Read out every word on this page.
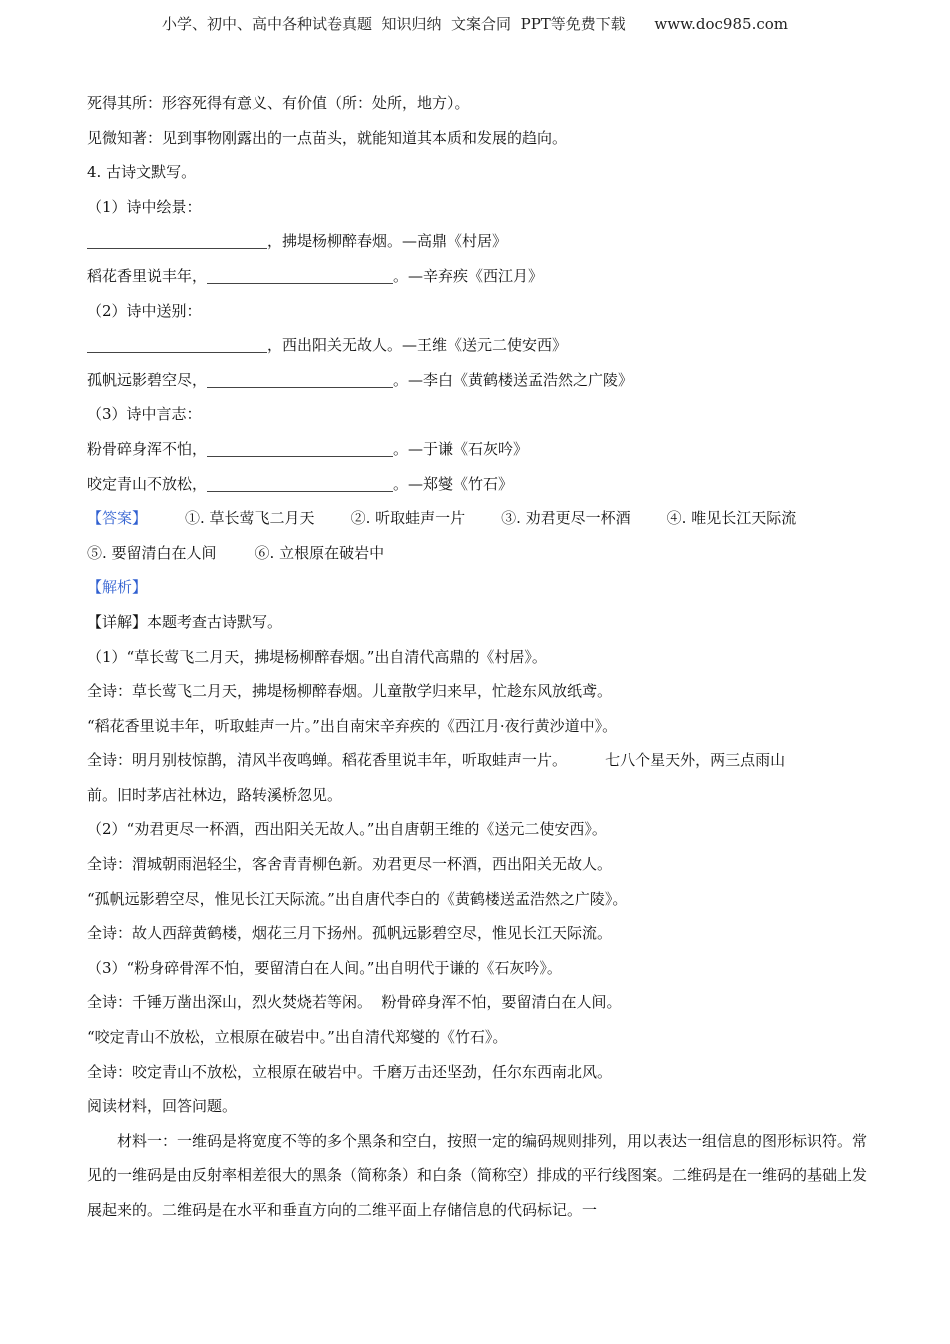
小学、初中、高中各种试卷真题  知识归纳  文案合同  PPT等免费下载      www.doc985.com
死得其所：形容死得有意义、有价值（所：处所，地方）。
见微知著：见到事物刚露出的一点苗头，就能知道其本质和发展的趋向。
4. 古诗文默写。
（1）诗中绘景：
，拂堤杨柳醉春烟。—高鼎《村居》
稻花香里说丰年，	。—辛弃疾《西江月》
（2）诗中送别：
，西出阳关无故人。—王维《送元二使安西》
孤帆远影碧空尽，	。—李白《黄鹤楼送孟浩然之广陵》
（3）诗中言志：
粉骨碎身浑不怕，	。—于谦《石灰吟》
咬定青山不放松，	。—郑燮《竹石》
【答案】	①. 草长莺飞二月天 ②. 听取蛙声一片 ③. 劝君更尽一杯酒 ④. 唯见长江天际流
⑤. 要留清白在人间	⑥. 立根原在破岩中
【解析】
【详解】本题考查古诗默写。
（1）“草长莺飞二月天，拂堤杨柳醉春烟。”出自清代高鼎的《村居》。
全诗：草长莺飞二月天，拂堤杨柳醉春烟。儿童散学归来早，忙趁东风放纸鸢。
“稻花香里说丰年，听取蛙声一片。”出自南宋辛弃疾的《西江月·夜行黄沙道中》。
全诗：明月别枝惊鹊，清风半夜鸣蝉。稻花香里说丰年，听取蛙声一片。        七八个星天外，两三点雨山
前。旧时茅店社林边，路转溪桥忽见。
（2）“劝君更尽一杯酒，西出阳关无故人。”出自唐朝王维的《送元二使安西》。
全诗：渭城朝雨浥轻尘，客舍青青柳色新。劝君更尽一杯酒，西出阳关无故人。
“孤帆远影碧空尽，惟见长江天际流。”出自唐代李白的《黄鹤楼送孟浩然之广陵》。
全诗：故人西辞黄鹤楼，烟花三月下扬州。孤帆远影碧空尽，惟见长江天际流。
（3）“粉身碎骨浑不怕，要留清白在人间。”出自明代于谦的《石灰吟》。
全诗：千锤万凿出深山，烈火焚烧若等闲。  粉骨碎身浑不怕，要留清白在人间。
“咬定青山不放松，立根原在破岩中。”出自清代郑燮的《竹石》。
全诗：咬定青山不放松，立根原在破岩中。千磨万击还坚劲，任尔东西南北风。
阅读材料，回答问题。
材料一：一维码是将宽度不等的多个黑条和空白，按照一定的编码规则排列，用以表达一组信息的图形标识符。常见的一维码是由反射率相差很大的黑条（简称条）和白条（简称空）排成的平行线图案。二维码是在一维码的基础上发展起来的。二维码是在水平和垂直方向的二维平面上存储信息的代码标记。一
